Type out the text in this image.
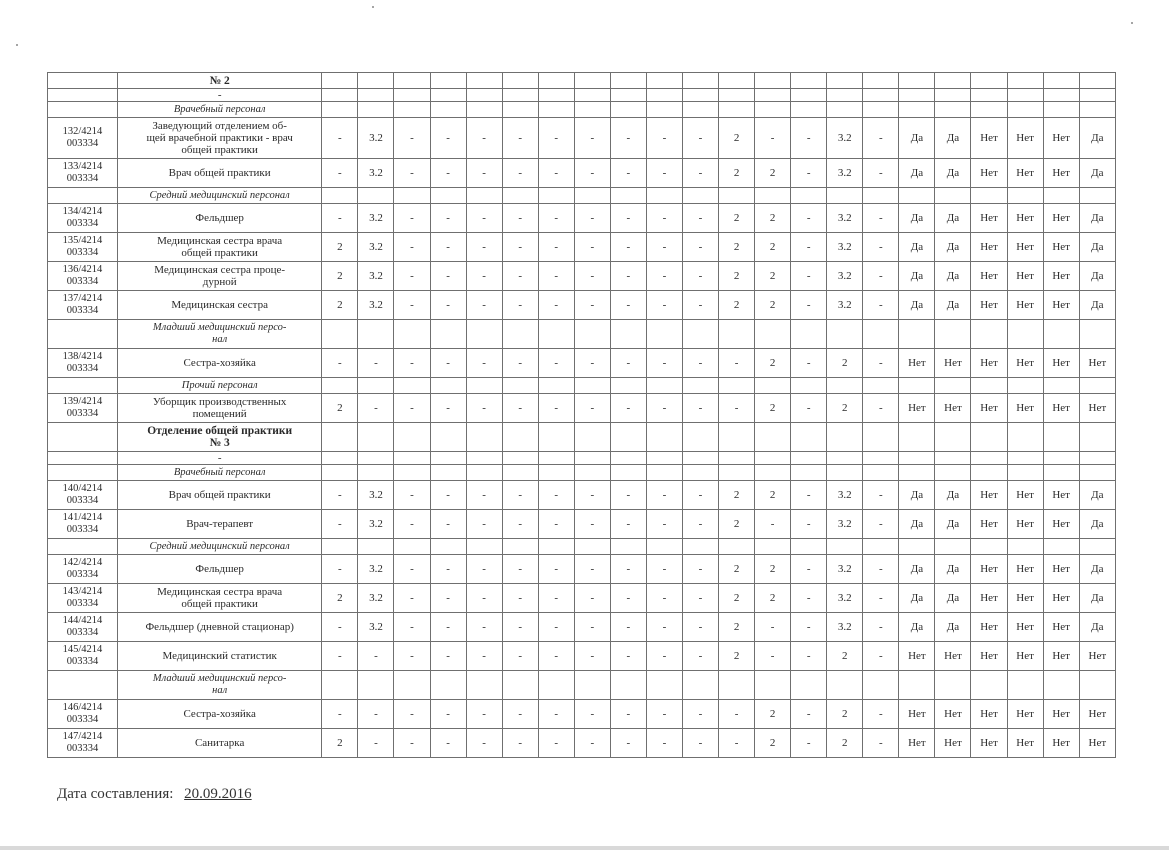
	№ 2																						
	-																						
	Врачебный персонал																						
132/4214
003334	Заведующий отделением об-
щей врачебной практики - врач
общей практики	-	3.2	-	-	-	-	-	-	-	-	-	2	-	-	3.2	-	Да	Да	Нет	Нет	Нет	Да
133/4214
003334	Врач общей практики	-	3.2	-	-	-	-	-	-	-	-	-	2	2	-	3.2	-	Да	Да	Нет	Нет	Нет	Да
	Средний медицинский персонал																						
134/4214
003334	Фельдшер	-	3.2	-	-	-	-	-	-	-	-	-	2	2	-	3.2	-	Да	Да	Нет	Нет	Нет	Да
135/4214
003334	Медицинская сестра врача
общей практики	2	3.2	-	-	-	-	-	-	-	-	-	2	2	-	3.2	-	Да	Да	Нет	Нет	Нет	Да
136/4214
003334	Медицинская сестра проце-
дурной	2	3.2	-	-	-	-	-	-	-	-	-	2	2	-	3.2	-	Да	Да	Нет	Нет	Нет	Да
137/4214
003334	Медицинская сестра	2	3.2	-	-	-	-	-	-	-	-	-	2	2	-	3.2	-	Да	Да	Нет	Нет	Нет	Да
	Младший медицинский персо-
нал																						
138/4214
003334	Сестра-хозяйка	-	-	-	-	-	-	-	-	-	-	-	-	2	-	2	-	Нет	Нет	Нет	Нет	Нет	Нет
	Прочий персонал																						
139/4214
003334	Уборщик производственных
помещений	2	-	-	-	-	-	-	-	-	-	-	-	2	-	2	-	Нет	Нет	Нет	Нет	Нет	Нет
	Отделение общей практики
№ 3																						
	-																						
	Врачебный персонал																						
140/4214
003334	Врач общей практики	-	3.2	-	-	-	-	-	-	-	-	-	2	2	-	3.2	-	Да	Да	Нет	Нет	Нет	Да
141/4214
003334	Врач-терапевт	-	3.2	-	-	-	-	-	-	-	-	-	2	-	-	3.2	-	Да	Да	Нет	Нет	Нет	Да
	Средний медицинский персонал																						
142/4214
003334	Фельдшер	-	3.2	-	-	-	-	-	-	-	-	-	2	2	-	3.2	-	Да	Да	Нет	Нет	Нет	Да
143/4214
003334	Медицинская сестра врача
общей практики	2	3.2	-	-	-	-	-	-	-	-	-	2	2	-	3.2	-	Да	Да	Нет	Нет	Нет	Да
144/4214
003334	Фельдшер (дневной стационар)	-	3.2	-	-	-	-	-	-	-	-	-	2	-	-	3.2	-	Да	Да	Нет	Нет	Нет	Да
145/4214
003334	Медицинский статистик	-	-	-	-	-	-	-	-	-	-	-	2	-	-	2	-	Нет	Нет	Нет	Нет	Нет	Нет
	Младший медицинский персо-
нал																						
146/4214
003334	Сестра-хозяйка	-	-	-	-	-	-	-	-	-	-	-	-	2	-	2	-	Нет	Нет	Нет	Нет	Нет	Нет
147/4214
003334	Санитарка	2	-	-	-	-	-	-	-	-	-	-	-	2	-	2	-	Нет	Нет	Нет	Нет	Нет	Нет
Дата составления: 20.09.2016
